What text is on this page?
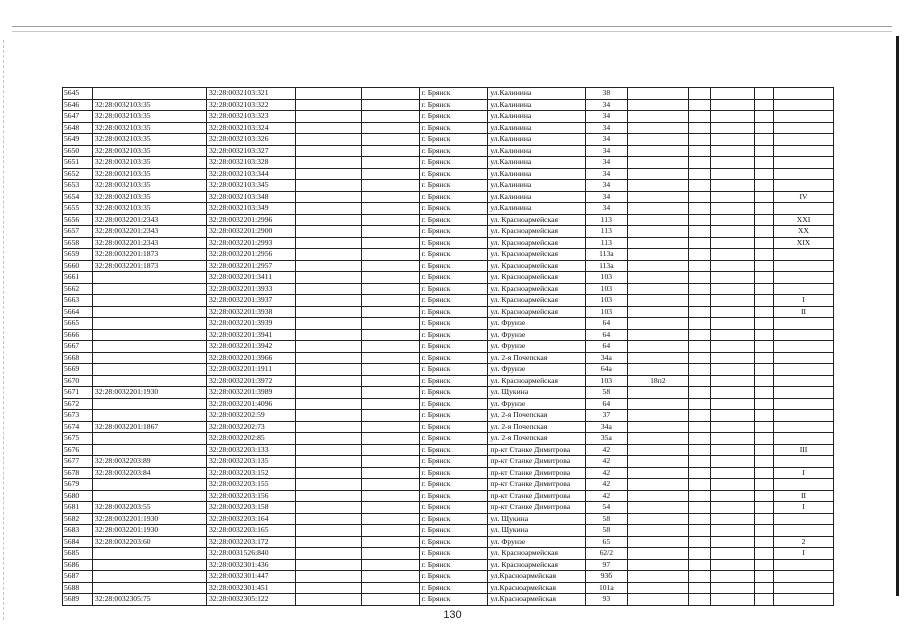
5645		32:28:0032103:321			г. Брянск	ул.Калинина	38					
5646	32:28:0032103:35	32:28:0032103:322			г. Брянск	ул.Калинина	34					
5647	32:28:0032103:35	32:28:0032103:323			г. Брянск	ул.Калинина	34					
5648	32:28:0032103:35	32:28:0032103:324			г. Брянск	ул.Калинина	34					
5649	32:28:0032103:35	32:28:0032103:326			г. Брянск	ул.Калинина	34					
5650	32:28:0032103:35	32:28:0032103:327			г. Брянск	ул.Калинина	34					
5651	32:28:0032103:35	32:28:0032103:328			г. Брянск	ул.Калинина	34					
5652	32:28:0032103:35	32:28:0032103:344			г. Брянск	ул.Калинина	34					
5653	32:28:0032103:35	32:28:0032103:345			г. Брянск	ул.Калинина	34					
5654	32:28:0032103:35	32:28:0032103:348			г. Брянск	ул.Калинина	34					IV
5655	32:28:0032103:35	32:28:0032103:349			г. Брянск	ул.Калинина	34					
5656	32:28:0032201:2343	32:28:0032201:2996			г. Брянск	ул. Красноармейская	113					XXI
5657	32:28:0032201:2343	32:28:0032201:2900			г. Брянск	ул. Красноармейская	113					XX
5658	32:28:0032201:2343	32:28:0032201:2993			г. Брянск	ул. Красноармейская	113					XIX
5659	32:28:0032201:1873	32:28:0032201:2956			г. Брянск	ул. Красноармейская	113а					
5660	32:28:0032201:1873	32:28:0032201:2957			г. Брянск	ул. Красноармейская	113а					
5661		32:28:0032201:3411			г. Брянск	ул. Красноармейская	103					
5662		32:28:0032201:3933			г. Брянск	ул. Красноармейская	103					
5663		32:28:0032201:3937			г. Брянск	ул. Красноармейская	103					I
5664		32:28:0032201:3938			г. Брянск	ул. Красноармейская	103					II
5665		32:28:0032201:3939			г. Брянск	ул. Фрунзе	64					
5666		32:28:0032201:3941			г. Брянск	ул. Фрунзе	64					
5667		32:28:0032201:3942			г. Брянск	ул. Фрунзе	64					
5668		32:28:0032201:3966			г. Брянск	ул. 2-я Почепская	34а					
5669		32:28:0032201:1911			г. Брянск	ул. Фрунзе	64а					
5670		32:28:0032201:3972			г. Брянск	ул. Красноармейская	103	18п2				
5671	32:28:0032201:1930	32:28:0032201:3989			г. Брянск	ул. Щукина	58					
5672		32:28:0032201:4096			г. Брянск	ул. Фрунзе	64					
5673		32:28:0032202:59			г. Брянск	ул. 2-я Почепская	37					
5674	32:28:0032201:1867	32:28:0032202:73			г. Брянск	ул. 2-я Почепская	34а					
5675		32:28:0032202:85			г. Брянск	ул. 2-я Почепская	35а					
5676		32:28:0032203:133			г. Брянск	пр-кт Станке Димитрова	42					III
5677	32:28:0032203:89	32:28:0032203:135			г. Брянск	пр-кт Станке Димитрова	42					
5678	32:28:0032203:84	32:28:0032203:152			г. Брянск	пр-кт Станке Димитрова	42					I
5679		32:28:0032203:155			г. Брянск	пр-кт Станке Димитрова	42					
5680		32:28:0032203:156			г. Брянск	пр-кт Станке Димитрова	42					II
5681	32:28:0032203:55	32:28:0032203:158			г. Брянск	пр-кт Станке Димитрова	54					I
5682	32:28:0032201:1930	32:28:0032203:164			г. Брянск	ул. Щукина	58					
5683	32:28:0032201:1930	32:28:0032203:165			г. Брянск	ул. Щукина	58					
5684	32:28:0032203:60	32:28:0032203:172			г. Брянск	ул. Фрунзе	65					2
5685		32:28:0031526:840			г. Брянск	ул. Красноармейская	62/2					I
5686		32:28:0032301:436			г. Брянск	ул. Красноармейская	97					
5687		32:28:0032301:447			г. Брянск	ул.Красноармейская	93б					
5688		32:28:0032301:451			г. Брянск	ул.Красноармейская	101а					
5689	32:28:0032305:75	32:28:0032305:122			г. Брянск	ул.Красноармейская	93					
130
